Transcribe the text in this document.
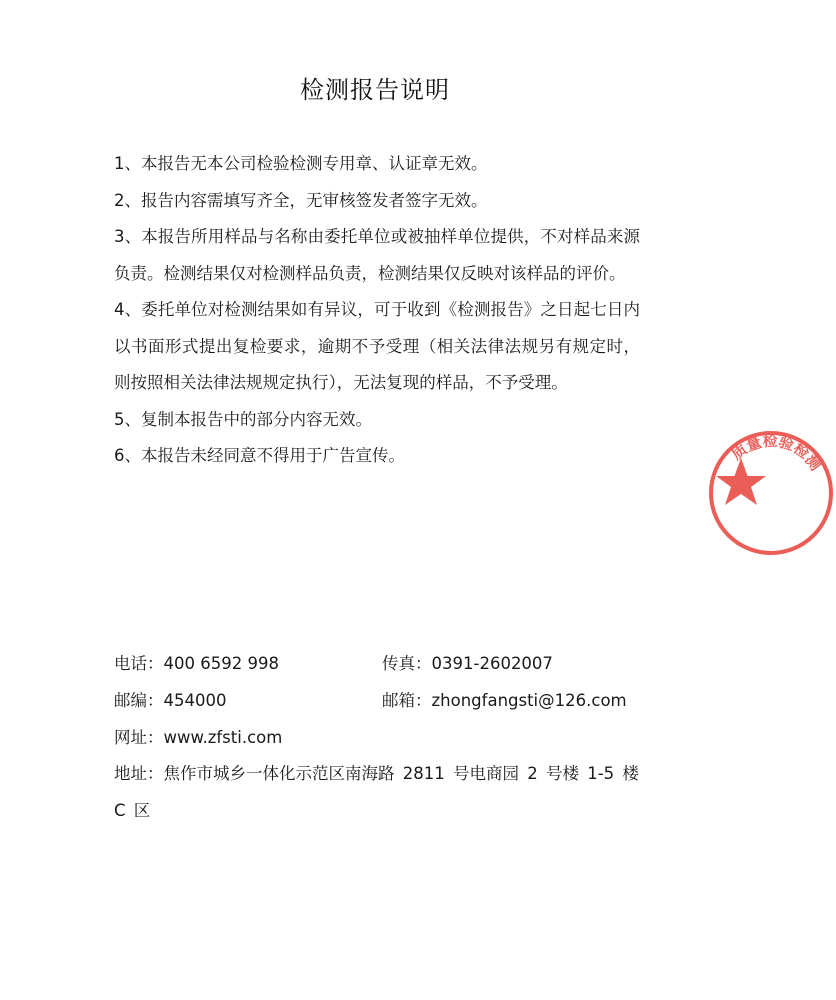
检测报告说明
1、本报告无本公司检验检测专用章、认证章无效。
2、报告内容需填写齐全，无审核签发者签字无效。
3、本报告所用样品与名称由委托单位或被抽样单位提供，不对样品来源负责。检测结果仅对检测样品负责，检测结果仅反映对该样品的评价。
4、委托单位对检测结果如有异议，可于收到《检测报告》之日起七日内以书面形式提出复检要求，逾期不予受理（相关法律法规另有规定时，则按照相关法律法规规定执行），无法复现的样品，不予受理。
5、复制本报告中的部分内容无效。
6、本报告未经同意不得用于广告宣传。
电话：400 6592 998	传真：0391-2602007
邮编：454000	邮箱：zhongfangsti@126.com
网址：www.zfsti.com
地址：焦作市城乡一体化示范区南海路 2811 号电商园 2 号楼 1-5 楼 C 区
质量检验检测
